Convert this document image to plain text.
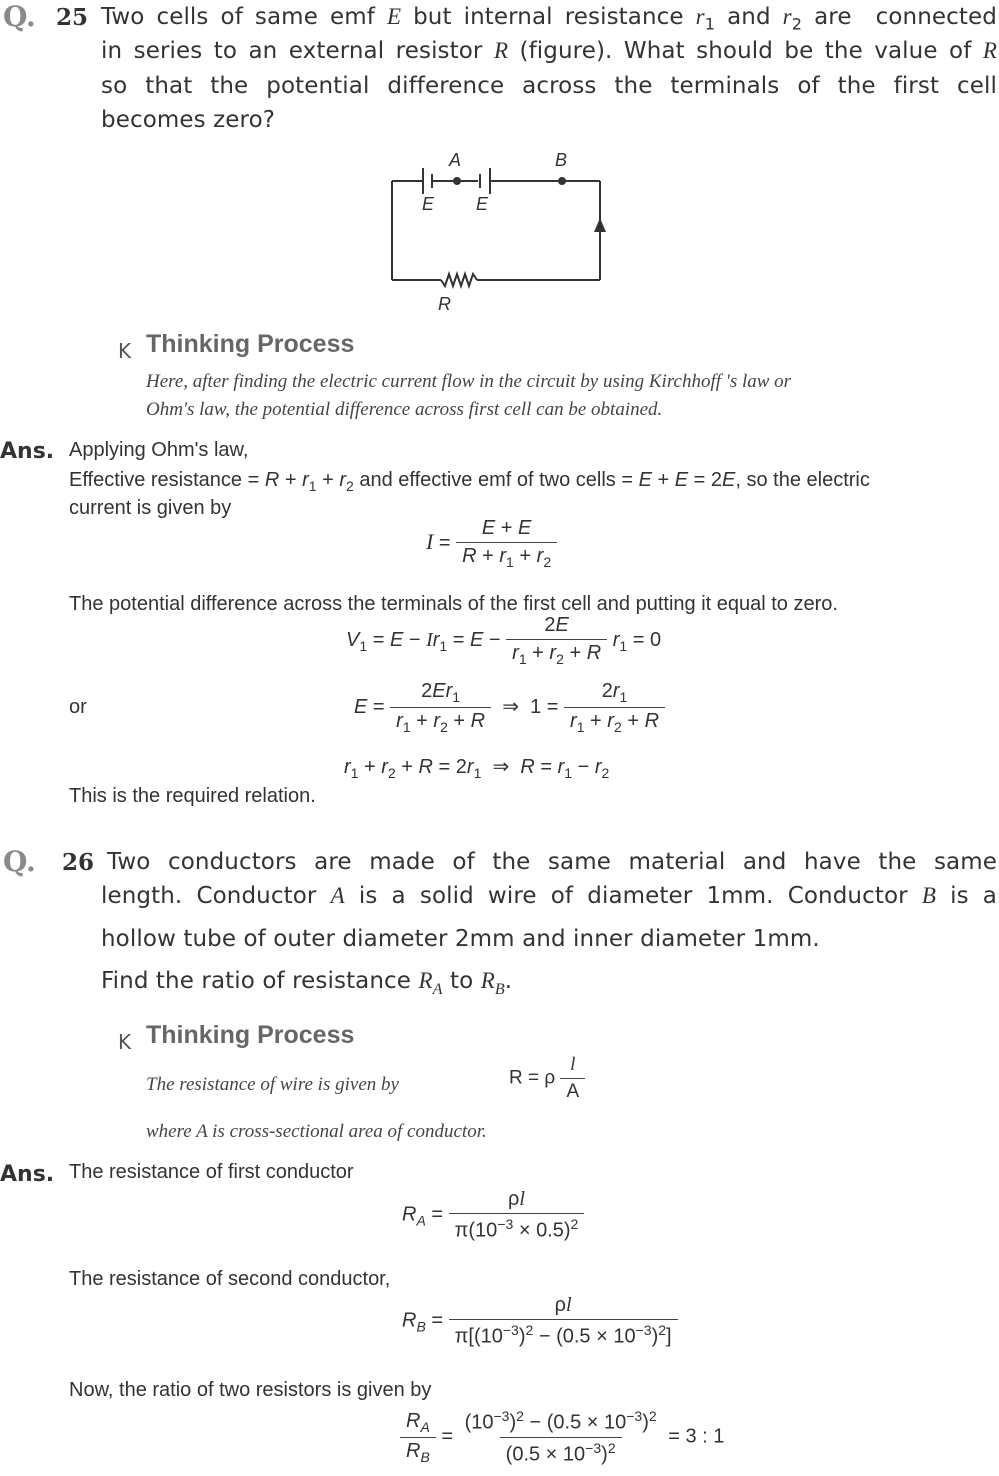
Q. 25 Two cells of same emf E but internal resistance $r_1$ and $r_2$ are  connected
in series to an external resistor R (figure). What should be the value of R
so that the potential difference across the terminals of the first cell
becomes zero?
A	B
E E
R
K Thinking Process
Here, after finding the electric current flow in the circuit by using Kirchhoff 's law or
Ohm's law, the potential difference across first cell can be obtained.
Ans. Applying Ohm's law,
Effective resistance = $R + r_1 + r_2$ and effective emf of two cells = E + E = 2E, so the electric
current is given by
$I = \frac{E + E}{R + r_1 + r_2}$
The potential difference across the terminals of the first cell and putting it equal to zero.
$V_1 = E - Ir_1 = E - \frac{2E}{r_1 + r_2 + R} r_1 = 0$
or	$E = \frac{2Er_1}{r_1 + r_2 + R}$ ⇒  $1 = \frac{2r_1}{r_1 + r_2 + R}$
$r_1 + r_2 + R = 2r_1$  ⇒  $R = r_1 - r_2$
This is the required relation.
Q. 26 Two conductors are made of the same material and have the same
length. Conductor A is a solid wire of diameter 1mm. Conductor B is a
hollow tube of outer diameter 2mm and inner diameter 1mm.
Find the ratio of resistance $R_A$ to $R_B$.
K Thinking Process
The resistance of wire is given by	R = ρ $\frac{l}{A}$
where A is cross-sectional area of conductor.
Ans. The resistance of first conductor
$R_A = \frac{\rho l}{\pi(10^{-3} \times 0.5)^2}$
The resistance of second conductor,
$R_B = \frac{\rho l}{\pi[(10^{-3})^2 - (0.5 \times 10^{-3})^2]}$
Now, the ratio of two resistors is given by
$\frac{R_A}{R_B} = \frac{(10^{-3})^2 - (0.5 \times 10^{-3})^2}{(0.5 \times 10^{-3})^2} = 3$ : 1
